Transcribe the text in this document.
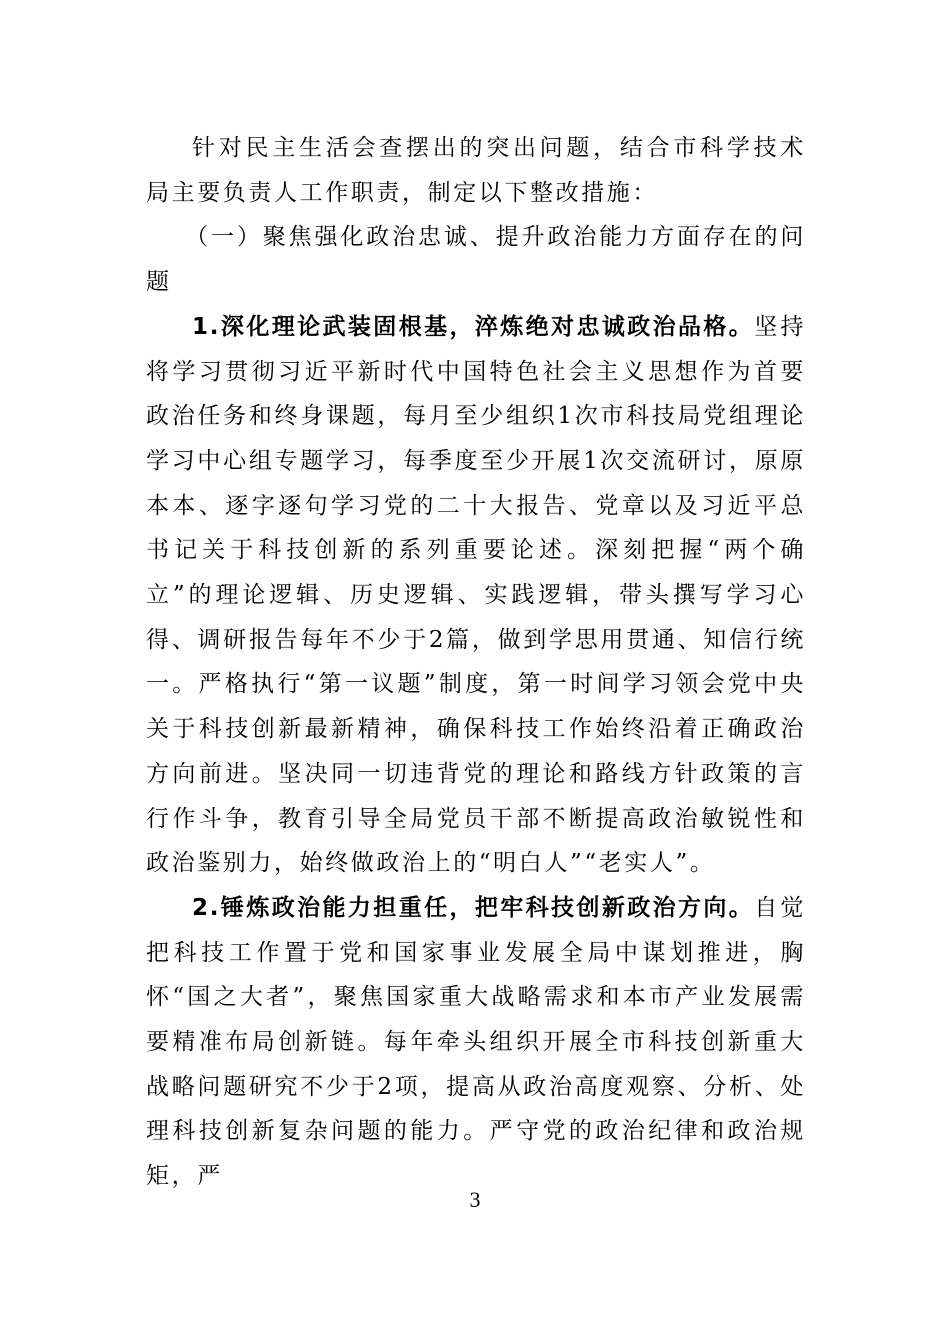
针对民主生活会查摆出的突出问题，结合市科学技术局主要负责人工作职责，制定以下整改措施：

（一）聚焦强化政治忠诚、提升政治能力方面存在的问题

1.深化理论武装固根基，淬炼绝对忠诚政治品格。坚持将学习贯彻习近平新时代中国特色社会主义思想作为首要政治任务和终身课题，每月至少组织1次市科技局党组理论学习中心组专题学习，每季度至少开展1次交流研讨，原原本本、逐字逐句学习党的二十大报告、党章以及习近平总书记关于科技创新的系列重要论述。深刻把握“两个确立”的理论逻辑、历史逻辑、实践逻辑，带头撰写学习心得、调研报告每年不少于2篇，做到学思用贯通、知信行统一。严格执行“第一议题”制度，第一时间学习领会党中央关于科技创新最新精神，确保科技工作始终沿着正确政治方向前进。坚决同一切违背党的理论和路线方针政策的言行作斗争，教育引导全局党员干部不断提高政治敏锐性和政治鉴别力，始终做政治上的“明白人”“老实人”。

2.锤炼政治能力担重任，把牢科技创新政治方向。自觉把科技工作置于党和国家事业发展全局中谋划推进，胸怀“国之大者”，聚焦国家重大战略需求和本市产业发展需要精准布局创新链。每年牵头组织开展全市科技创新重大战略问题研究不少于2项，提高从政治高度观察、分析、处理科技创新复杂问题的能力。严守党的政治纪律和政治规矩，严

3
